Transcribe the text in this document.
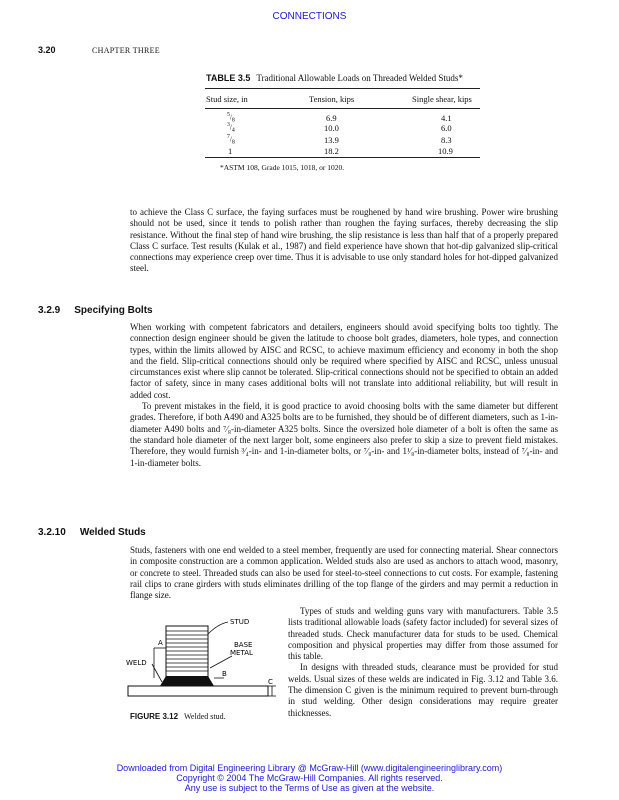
CONNECTIONS
3.20	CHAPTER THREE
TABLE 3.5 Traditional Allowable Loads on Threaded Welded Studs*
Stud size, in	Tension, kips	Single shear, kips
$^5/_8$	6.9	4.1
$^3/_4$	10.0	6.0
$^7/_8$	13.9	8.3
1	18.2	10.9
*ASTM 108, Grade 1015, 1018, or 1020.

to achieve the Class C surface, the faying surfaces must be roughened by hand wire brushing. Power wire brushing should not be used, since it tends to polish rather than roughen the faying surfaces, thereby decreasing the slip resistance. Without the final step of hand wire brushing, the slip resistance is less than half that of a properly prepared Class C surface. Test results (Kulak et al., 1987) and field experience have shown that hot-dip galvanized slip-critical connections may experience creep over time. Thus it is advisable to use only standard holes for hot-dipped galvanized steel.

3.2.9 Specifying Bolts

When working with competent fabricators and detailers, engineers should avoid specifying bolts too tightly. The connection design engineer should be given the latitude to choose bolt grades, diameters, hole types, and connection types, within the limits allowed by AISC and RCSC, to achieve maximum efficiency and economy in both the shop and the field. Slip-critical connections should only be required where specified by AISC and RCSC, unless unusual circumstances exist where slip cannot be tolerated. Slip-critical connections should not be specified to obtain an added factor of safety, since in many cases additional bolts will not translate into additional reliability, but will result in added cost.

To prevent mistakes in the field, it is good practice to avoid choosing bolts with the same diameter but different grades. Therefore, if both A490 and A325 bolts are to be furnished, they should be of different diameters, such as 1-in-diameter A490 bolts and ⁷⁄₈-in-diameter A325 bolts. Since the oversized hole diameter of a bolt is often the same as the standard hole diameter of the next larger bolt, some engineers also prefer to skip a size to prevent field mistakes. Therefore, they would furnish ³⁄₄-in- and 1-in-diameter bolts, or ⁷⁄₈-in- and 1¹⁄₈-in-diameter bolts, instead of ⁷⁄₈-in- and 1-in-diameter bolts.

3.2.10 Welded Studs

Studs, fasteners with one end welded to a steel member, frequently are used for connecting material. Shear connectors in composite construction are a common application. Welded studs also are used as anchors to attach wood, masonry, or concrete to steel. Threaded studs can also be used for steel-to-steel connections to cut costs. For example, fastening rail clips to crane girders with studs eliminates drilling of the top flange of the girders and may permit a reduction in flange size.

Types of studs and welding guns vary with manufacturers. Table 3.5 lists traditional allowable loads (safety factor included) for several sizes of threaded studs. Check manufacturer data for studs to be used. Chemical composition and physical properties may differ from those assumed for this table.

In designs with threaded studs, clearance must be provided for stud welds. Usual sizes of these welds are indicated in Fig. 3.12 and Table 3.6. The dimension C given is the minimum required to prevent burn-through in stud welding. Other design considerations may require greater thicknesses.

STUD
A	BASE
METAL
WELD
B
C
FIGURE 3.12 Welded stud.
Downloaded from Digital Engineering Library @ McGraw-Hill (www.digitalengineeringlibrary.com)
Copyright © 2004 The McGraw-Hill Companies. All rights reserved.
Any use is subject to the Terms of Use as given at the website.
